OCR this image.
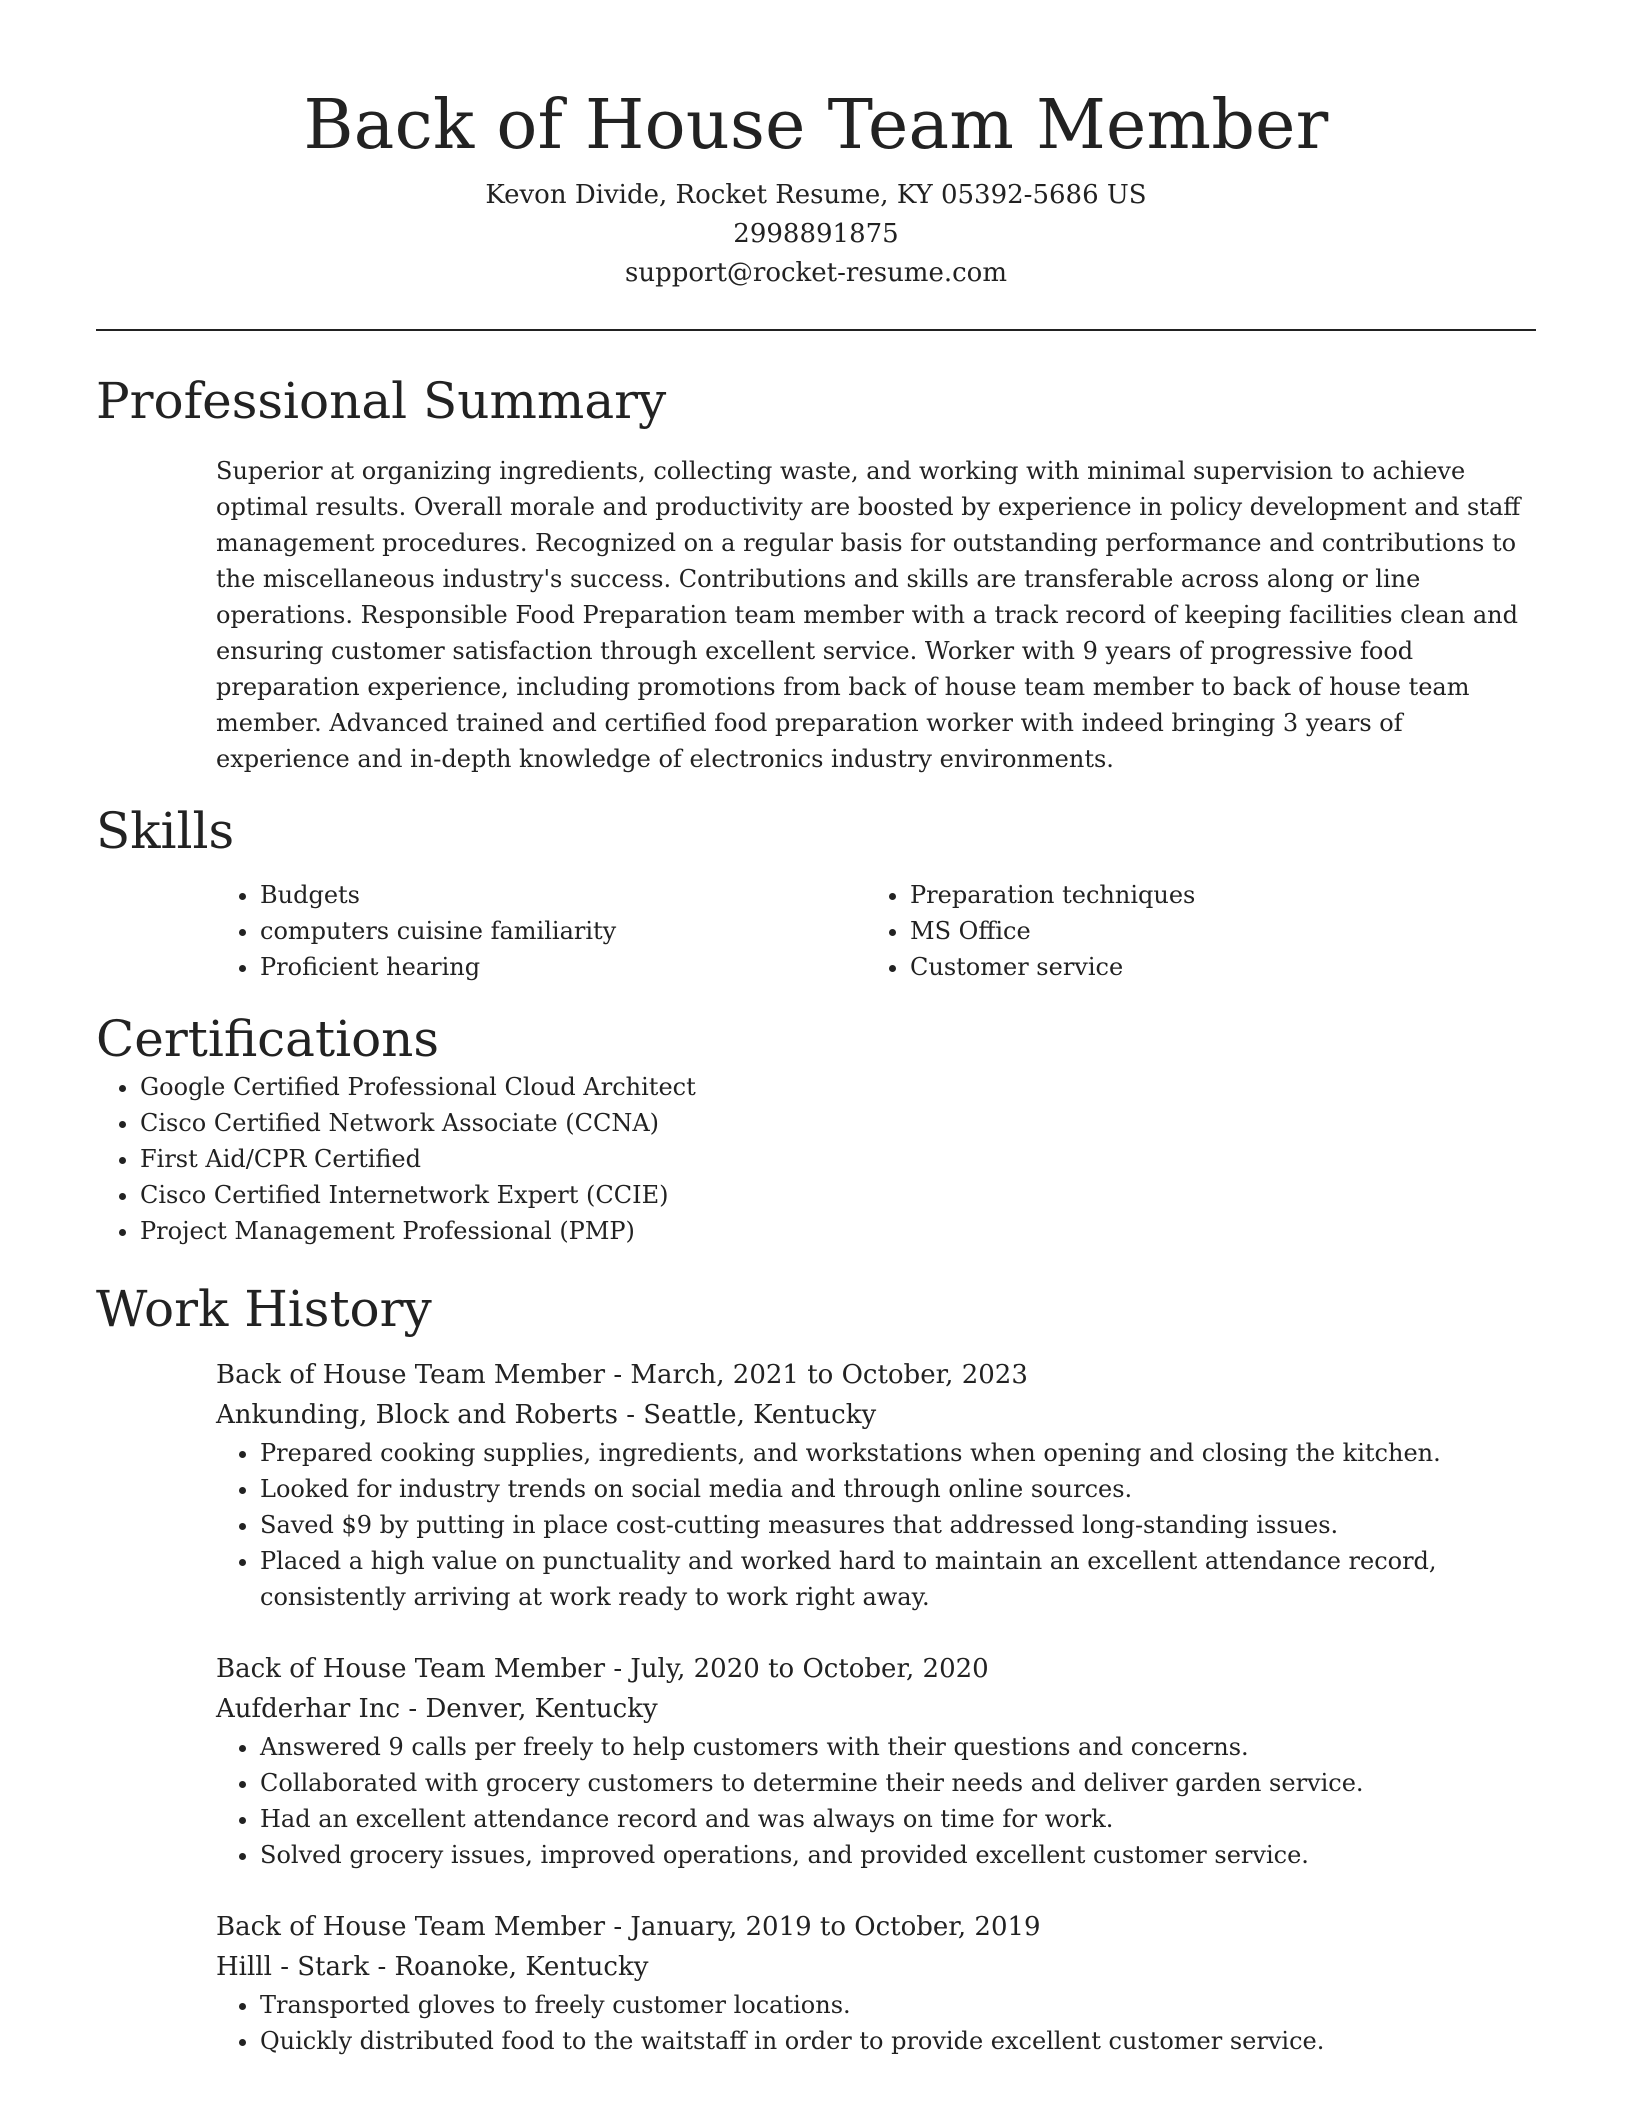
Back of House Team Member

Kevon Divide, Rocket Resume, KY 05392-5686 US

2998891875

support@rocket-resume.com

Professional Summary

Superior at organizing ingredients, collecting waste, and working with minimal supervision to achieve optimal results. Overall morale and productivity are boosted by experience in policy development and staff management procedures. Recognized on a regular basis for outstanding performance and contributions to the miscellaneous industry's success. Contributions and skills are transferable across along or line operations. Responsible Food Preparation team member with a track record of keeping facilities clean and ensuring customer satisfaction through excellent service. Worker with 9 years of progressive food preparation experience, including promotions from back of house team member to back of house team member. Advanced trained and certified food preparation worker with indeed bringing 3 years of experience and in-depth knowledge of electronics industry environments.

Skills
• Budgets
• computers cuisine familiarity
• Proficient hearing
• Preparation techniques
• MS Office
• Customer service
Certifications
• Google Certified Professional Cloud Architect
• Cisco Certified Network Associate (CCNA)
• First Aid/CPR Certified
• Cisco Certified Internetwork Expert (CCIE)
• Project Management Professional (PMP)
Work History

Back of House Team Member - March, 2021 to October, 2023

Ankunding, Block and Roberts - Seattle, Kentucky

• Prepared cooking supplies, ingredients, and workstations when opening and closing the kitchen.
• Looked for industry trends on social media and through online sources.
• Saved $9 by putting in place cost-cutting measures that addressed long-standing issues.
• Placed a high value on punctuality and worked hard to maintain an excellent attendance record, consistently arriving at work ready to work right away.

Back of House Team Member - July, 2020 to October, 2020

Aufderhar Inc - Denver, Kentucky

• Answered 9 calls per freely to help customers with their questions and concerns.
• Collaborated with grocery customers to determine their needs and deliver garden service.
• Had an excellent attendance record and was always on time for work.
• Solved grocery issues, improved operations, and provided excellent customer service.

Back of House Team Member - January, 2019 to October, 2019

Hilll - Stark - Roanoke, Kentucky

• Transported gloves to freely customer locations.
• Quickly distributed food to the waitstaff in order to provide excellent customer service.
